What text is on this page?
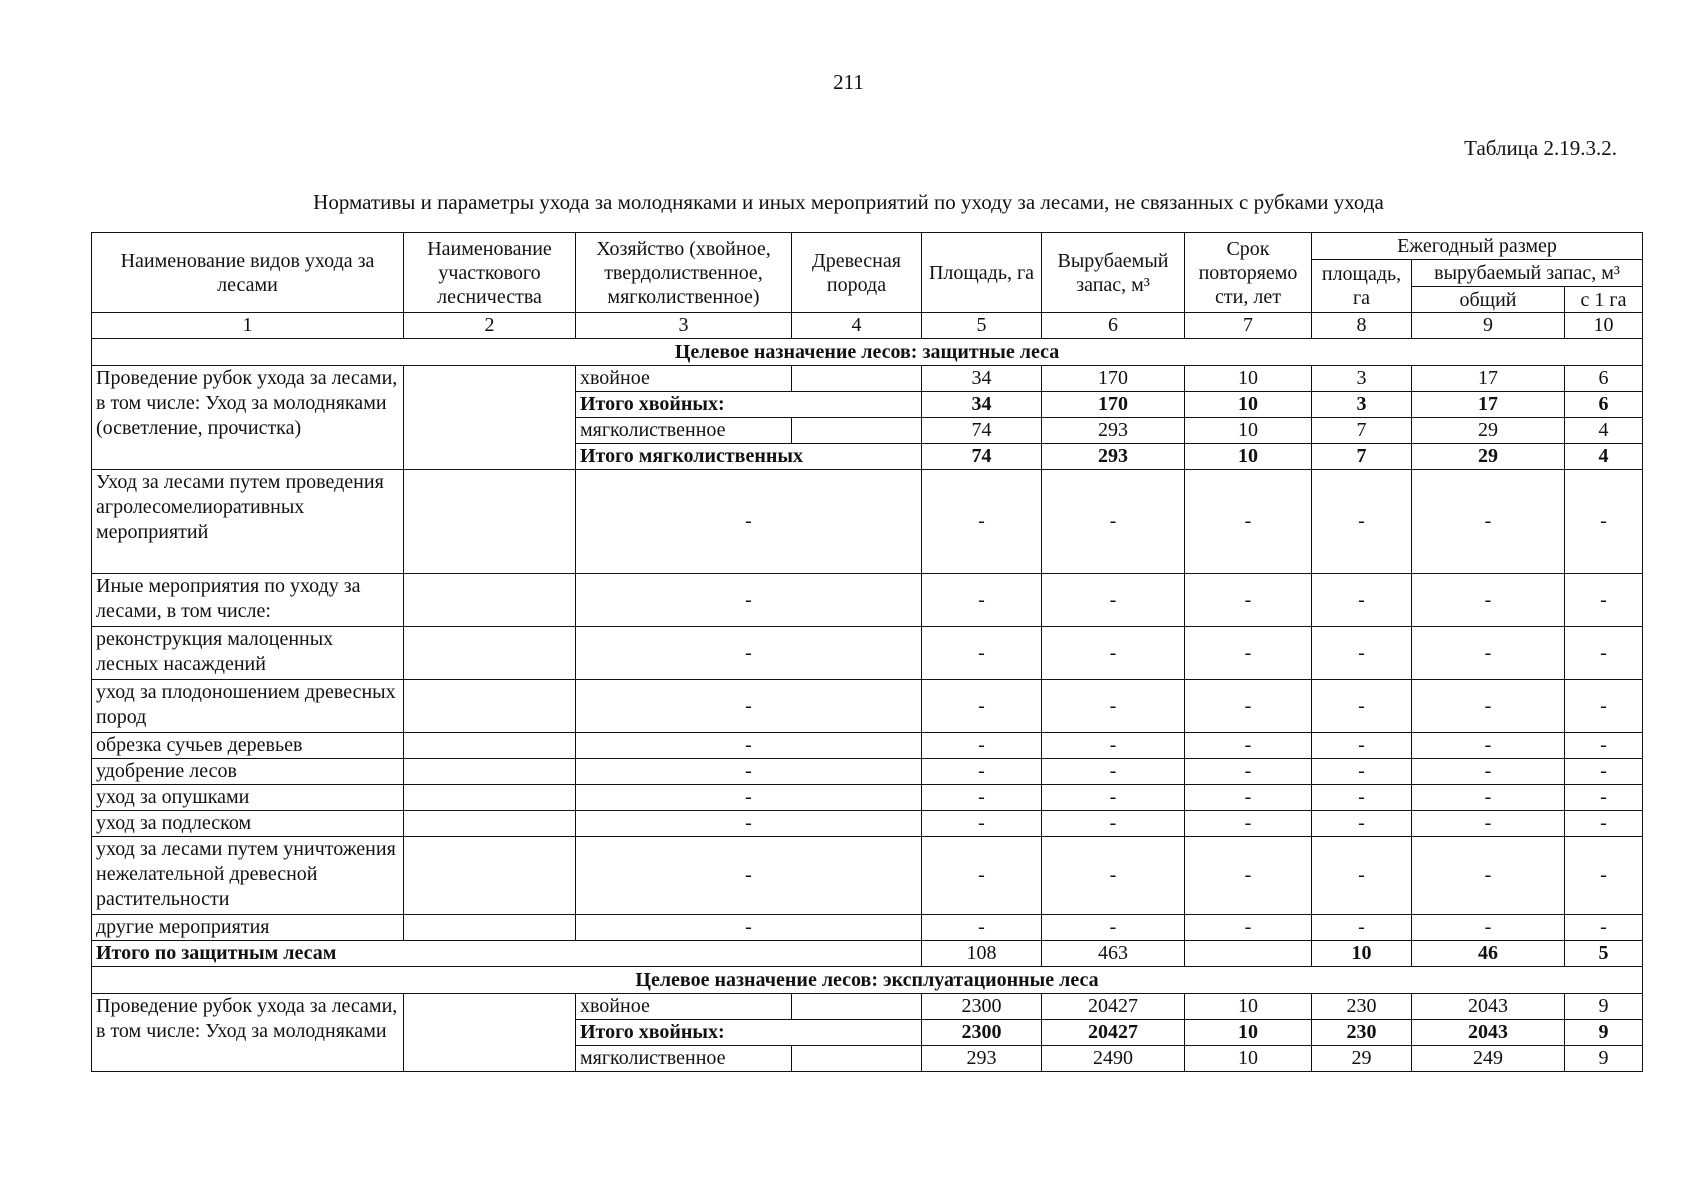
211
Таблица 2.19.3.2.
Нормативы и параметры ухода за молодняками и иных мероприятий по уходу за лесами, не связанных с рубками ухода
Наименование видов ухода за лесами	Наименование участкового лесничества	Хозяйство (хвойное, твердолиственное, мягколиственное)	Древесная порода	Площадь, га	Вырубаемый запас, м³	Срок повторяемо сти, лет	Ежегодный размер		
							площадь, га	вырубаемый запас, м³	
								общий	с 1 га
1	2	3	4	5	6	7	8	9	10
Целевое назначение лесов: защитные леса									
Проведение рубок ухода за лесами, в том числе: Уход за молодняками (осветление, прочистка)		хвойное		34	170	10	3	17	6
		Итого хвойных:		34	170	10	3	17	6
		мягколиственное		74	293	10	7	29	4
		Итого мягколиственных		74	293	10	7	29	4
Уход за лесами путем проведения агролесомелиоративных мероприятий		-		-	-	-	-	-	-
Иные мероприятия по уходу за лесами, в том числе:		-		-	-	-	-	-	-
реконструкция малоценных лесных насаждений		-		-	-	-	-	-	-
уход за плодоношением древесных пород		-		-	-	-	-	-	-
обрезка сучьев деревьев		-		-	-	-	-	-	-
удобрение лесов		-		-	-	-	-	-	-
уход за опушками		-		-	-	-	-	-	-
уход за подлеском		-		-	-	-	-	-	-
уход за лесами путем уничтожения нежелательной древесной растительности		-		-	-	-	-	-	-
другие мероприятия		-		-	-	-	-	-	-
Итого по защитным лесам				108	463		10	46	5
Целевое назначение лесов: эксплуатационные леса									
Проведение рубок ухода за лесами, в том числе: Уход за молодняками		хвойное		2300	20427	10	230	2043	9
		Итого хвойных:		2300	20427	10	230	2043	9
		мягколиственное		293	2490	10	29	249	9
